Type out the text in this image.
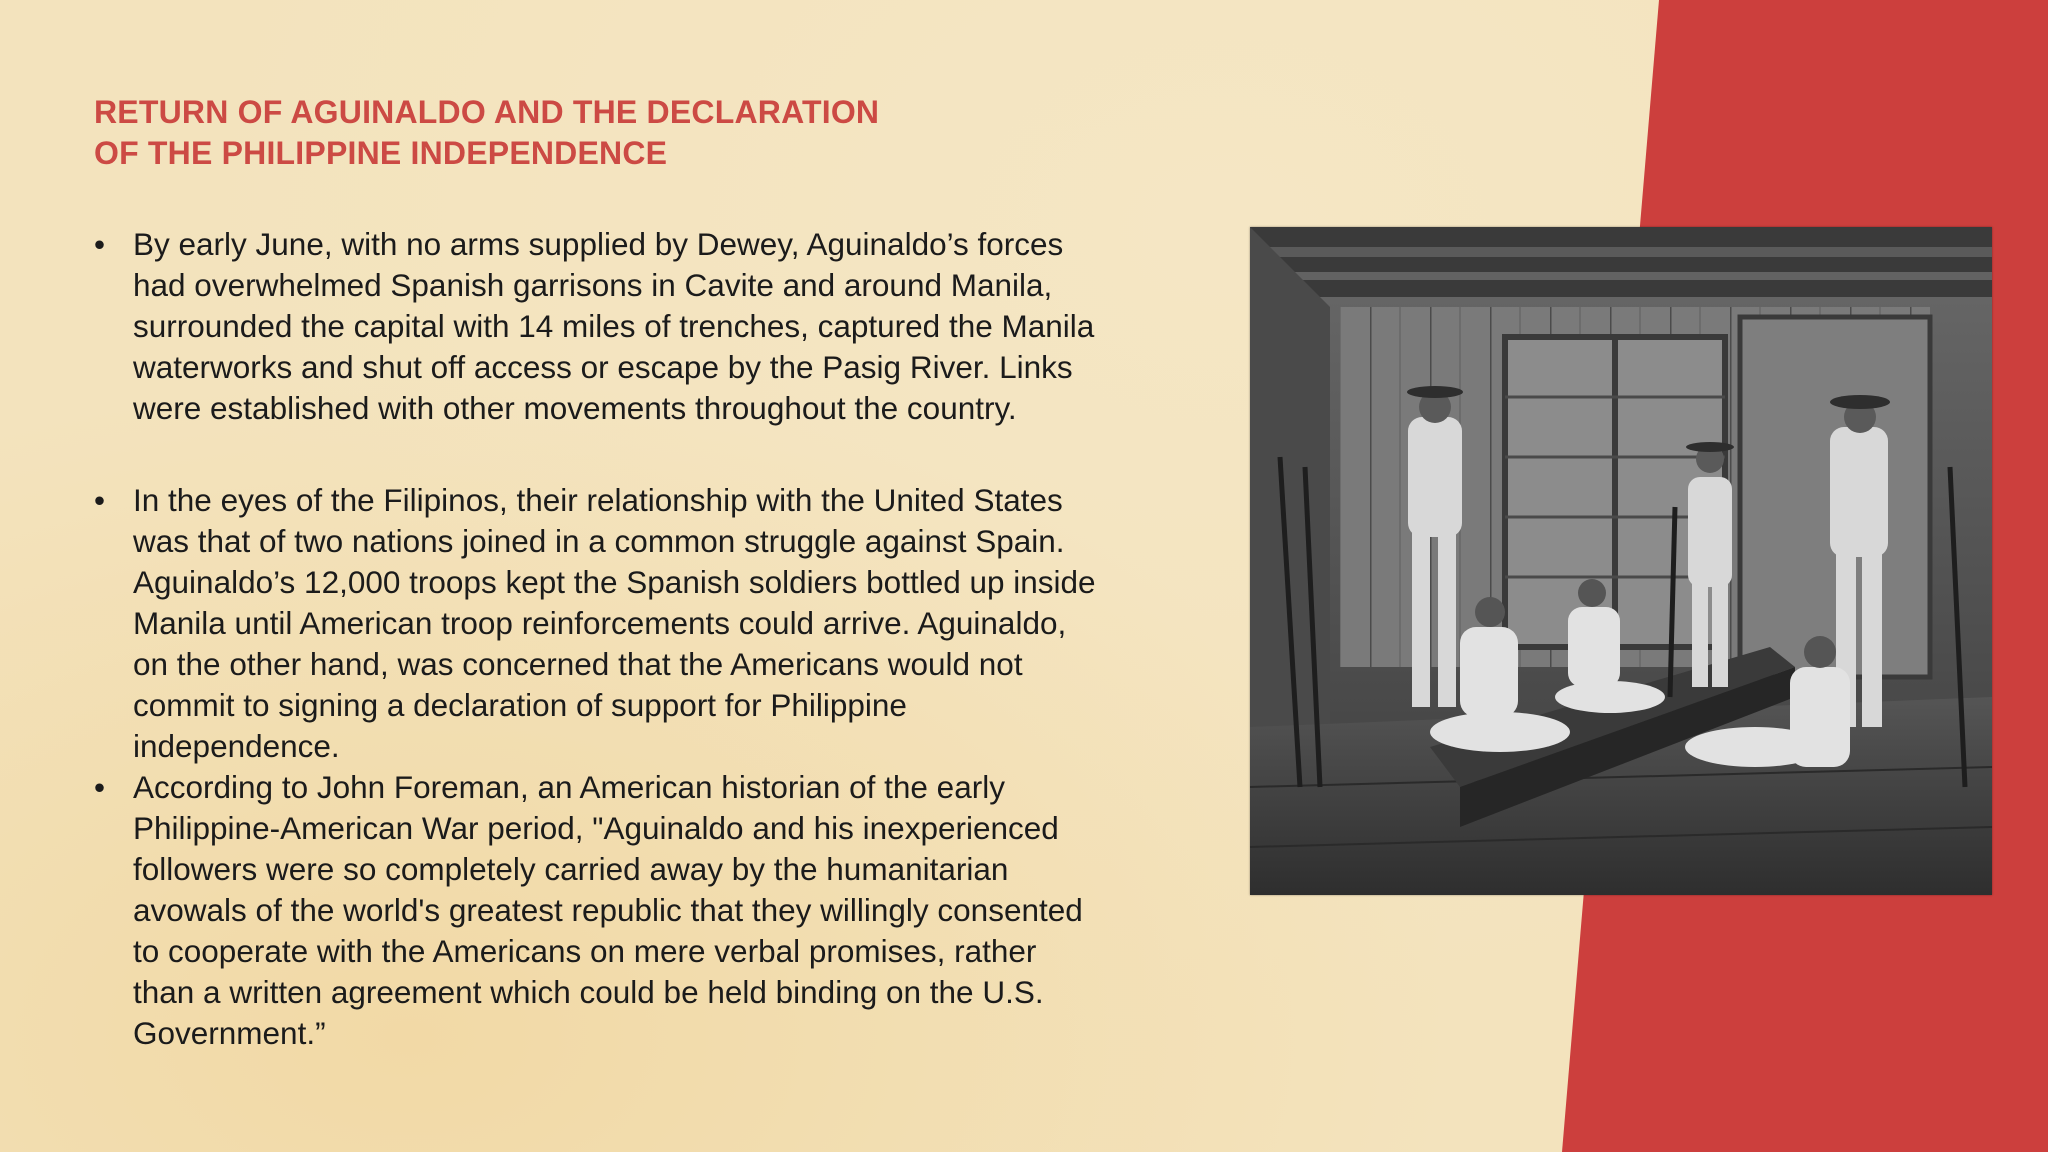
RETURN OF AGUINALDO AND THE DECLARATION
OF THE PHILIPPINE INDEPENDENCE
• By early June, with no arms supplied by Dewey, Aguinaldo’s forces
had overwhelmed Spanish garrisons in Cavite and around Manila,
surrounded the capital with 14 miles of trenches, captured the Manila
waterworks and shut off access or escape by the Pasig River. Links
were established with other movements throughout the country.
• In the eyes of the Filipinos, their relationship with the United States
was that of two nations joined in a common struggle against Spain.
Aguinaldo’s 12,000 troops kept the Spanish soldiers bottled up inside
Manila until American troop reinforcements could arrive. Aguinaldo,
on the other hand, was concerned that the Americans would not
commit to signing a declaration of support for Philippine
independence.
• According to John Foreman, an American historian of the early
Philippine-American War period, "Aguinaldo and his inexperienced
followers were so completely carried away by the humanitarian
avowals of the world's greatest republic that they willingly consented
to cooperate with the Americans on mere verbal promises, rather
than a written agreement which could be held binding on the U.S.
Government.”
